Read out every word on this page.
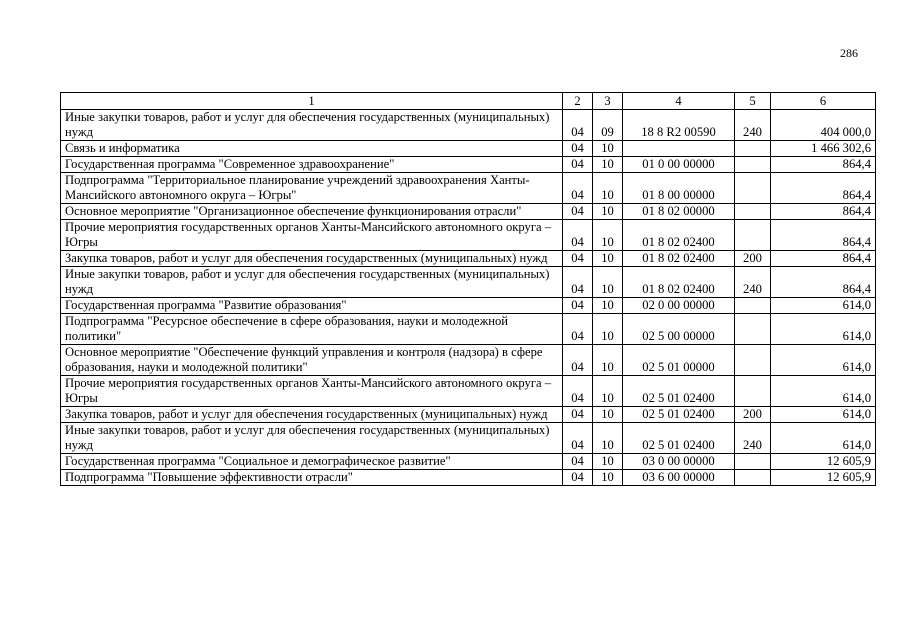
286
1	2	3	4	5	6
Иные закупки товаров, работ и услуг для обеспечения государственных (муниципальных) нужд	04	09	18 8 R2 00590	240	404 000,0
Связь и информатика	04	10			1 466 302,6
Государственная программа "Современное здравоохранение"	04	10	01 0 00 00000		864,4
Подпрограмма "Территориальное планирование учреждений здравоохранения Ханты-Мансийского автономного округа – Югры"	04	10	01 8 00 00000		864,4
Основное мероприятие "Организационное обеспечение функционирования отрасли"	04	10	01 8 02 00000		864,4
Прочие мероприятия государственных органов Ханты-Мансийского автономного округа – Югры	04	10	01 8 02 02400		864,4
Закупка товаров, работ и услуг для обеспечения государственных (муниципальных) нужд	04	10	01 8 02 02400	200	864,4
Иные закупки товаров, работ и услуг для обеспечения государственных (муниципальных) нужд	04	10	01 8 02 02400	240	864,4
Государственная программа "Развитие образования"	04	10	02 0 00 00000		614,0
Подпрограмма "Ресурсное обеспечение в сфере образования, науки и молодежной политики"	04	10	02 5 00 00000		614,0
Основное мероприятие "Обеспечение функций управления и контроля (надзора) в сфере образования, науки и молодежной политики"	04	10	02 5 01 00000		614,0
Прочие мероприятия государственных органов Ханты-Мансийского автономного округа – Югры	04	10	02 5 01 02400		614,0
Закупка товаров, работ и услуг для обеспечения государственных (муниципальных) нужд	04	10	02 5 01 02400	200	614,0
Иные закупки товаров, работ и услуг для обеспечения государственных (муниципальных) нужд	04	10	02 5 01 02400	240	614,0
Государственная программа "Социальное и демографическое развитие"	04	10	03 0 00 00000		12 605,9
Подпрограмма "Повышение эффективности отрасли"	04	10	03 6 00 00000		12 605,9
